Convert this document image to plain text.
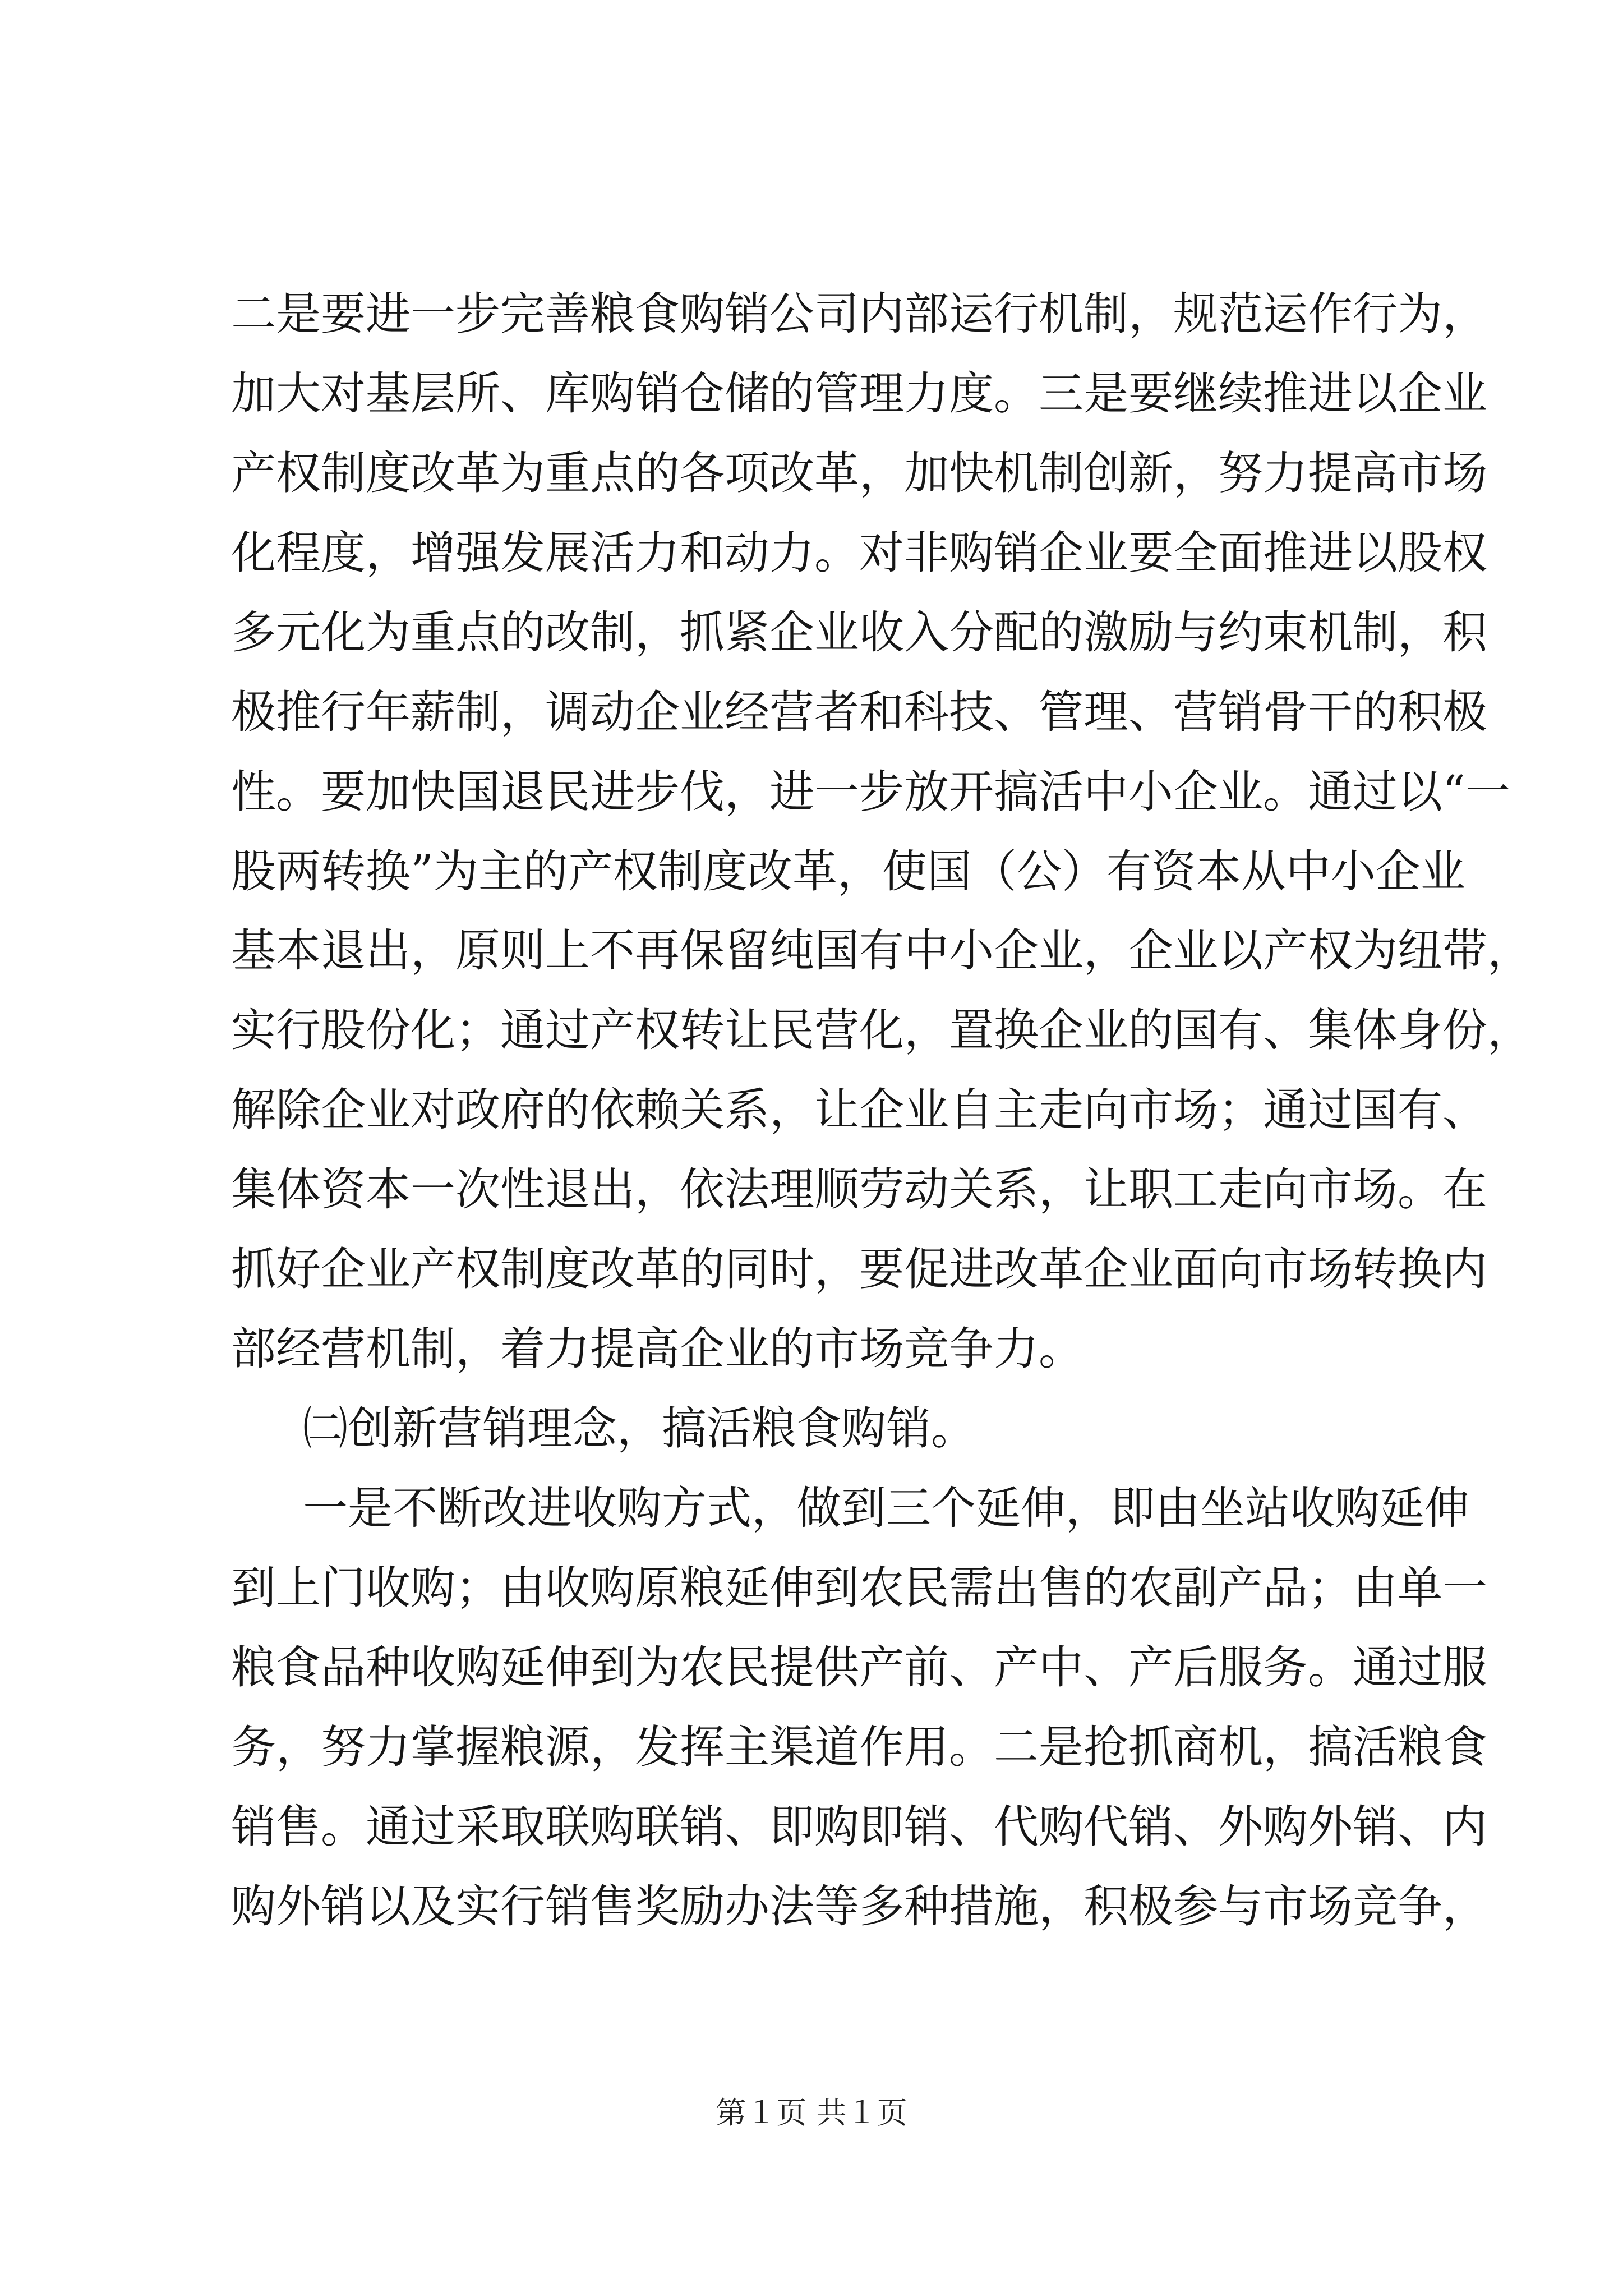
二是要进一步完善粮食购销公司内部运行机制，规范运作行为，
加大对基层所、库购销仓储的管理力度。三是要继续推进以企业
产权制度改革为重点的各项改革，加快机制创新，努力提高市场
化程度，增强发展活力和动力。对非购销企业要全面推进以股权
多元化为重点的改制，抓紧企业收入分配的激励与约束机制，积
极推行年薪制，调动企业经营者和科技、管理、营销骨干的积极
性。要加快国退民进步伐，进一步放开搞活中小企业。通过以“一
股两转换”为主的产权制度改革，使国（公）有资本从中小企业
基本退出，原则上不再保留纯国有中小企业，企业以产权为纽带，
实行股份化；通过产权转让民营化，置换企业的国有、集体身份，
解除企业对政府的依赖关系，让企业自主走向市场；通过国有、
集体资本一次性退出，依法理顺劳动关系，让职工走向市场。在
抓好企业产权制度改革的同时，要促进改革企业面向市场转换内
部经营机制，着力提高企业的市场竞争力。
㈡创新营销理念，搞活粮食购销。
一是不断改进收购方式，做到三个延伸，即由坐站收购延伸
到上门收购；由收购原粮延伸到农民需出售的农副产品；由单一
粮食品种收购延伸到为农民提供产前、产中、产后服务。通过服
务，努力掌握粮源，发挥主渠道作用。二是抢抓商机，搞活粮食
销售。通过采取联购联销、即购即销、代购代销、外购外销、内
购外销以及实行销售奖励办法等多种措施，积极参与市场竞争，
第１页 共１页
